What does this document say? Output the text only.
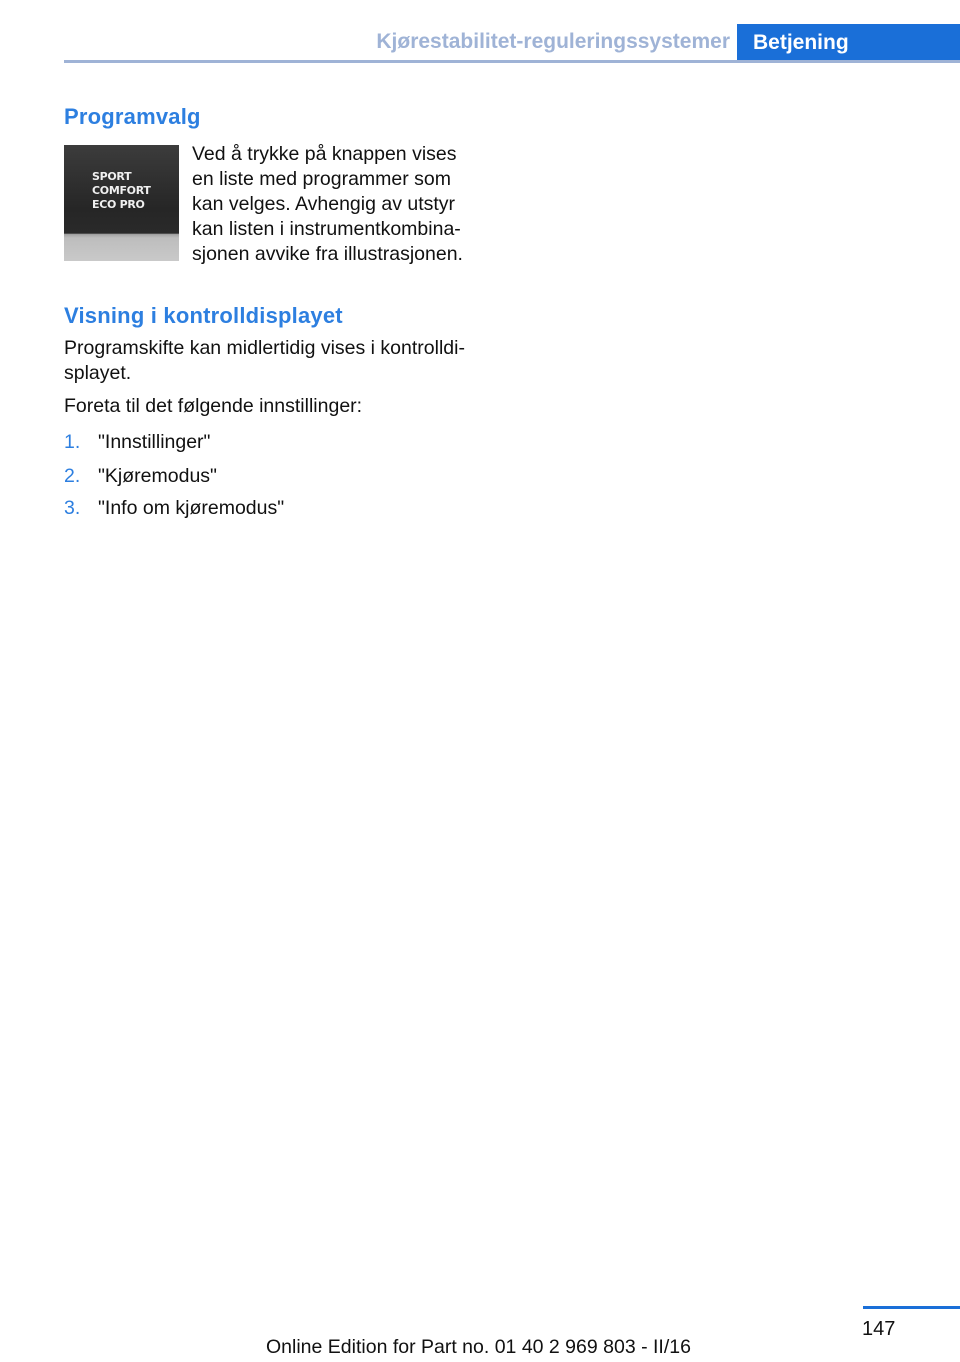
Kjørestabilitet-reguleringssystemer	Betjening
Programvalg
SPORT
COMFORT
ECO PRO
Ved å trykke på knappen vises
en liste med programmer som
kan velges. Avhengig av utstyr
kan listen i instrumentkombina‐
sjonen avvike fra illustrasjonen.
Visning i kontrolldisplayet
Programskifte kan midlertidig vises i kontrolldi‐
splayet.
Foreta til det følgende innstillinger:
1. "Innstillinger"
2. "Kjøremodus"
3. "Info om kjøremodus"
147
Online Edition for Part no. 01 40 2 969 803 - II/16
